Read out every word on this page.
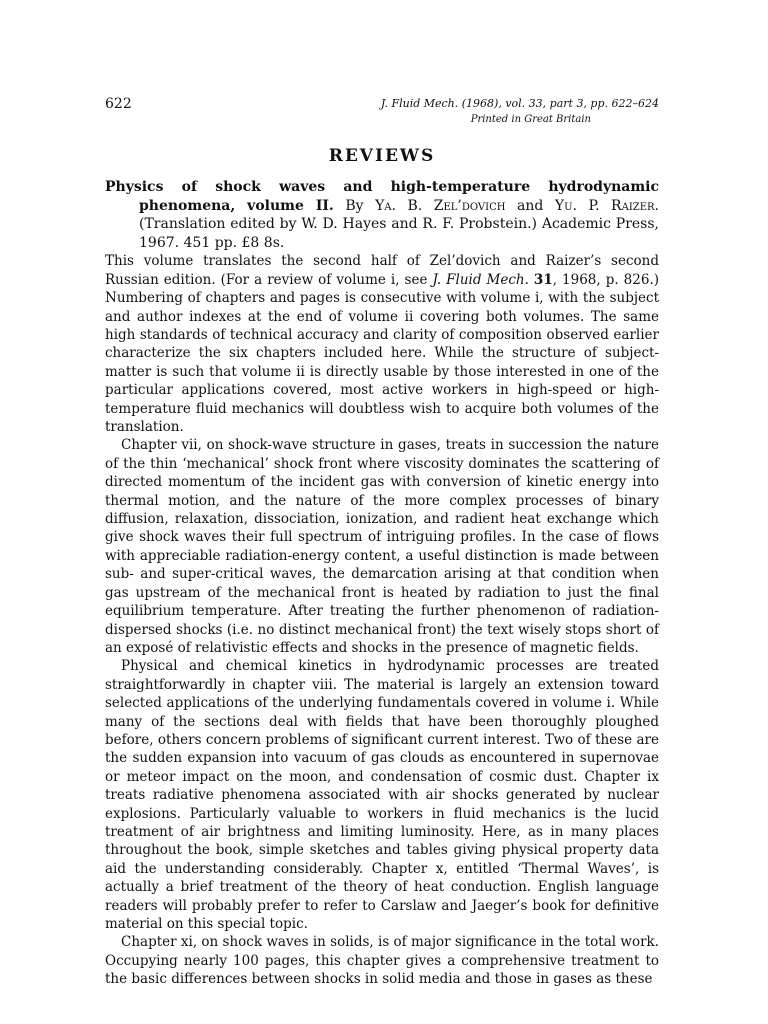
622	J. Fluid Mech. (1968), vol. 33, part 3, pp. 622–624
Printed in Great Britain
REVIEWS

Physics of shock waves and high-temperature hydrodynamic phenomena, volume II. By Ya. B. Zel’dovich and Yu. P. Raizer. (Translation edited by W. D. Hayes and R. F. Probstein.) Academic Press, 1967. 451 pp. £8 8s.

This volume translates the second half of Zel’dovich and Raizer’s second Russian edition. (For a review of volume i, see J. Fluid Mech. 31, 1968, p. 826.) Numbering of chapters and pages is consecutive with volume i, with the subject and author indexes at the end of volume ii covering both volumes. The same high standards of technical accuracy and clarity of composition observed earlier characterize the six chapters included here. While the structure of subject-matter is such that volume ii is directly usable by those interested in one of the particular applications covered, most active workers in high-speed or high-temperature fluid mechanics will doubtless wish to acquire both volumes of the translation.

Chapter vii, on shock-wave structure in gases, treats in succession the nature of the thin ‘mechanical’ shock front where viscosity dominates the scattering of directed momentum of the incident gas with conversion of kinetic energy into thermal motion, and the nature of the more complex processes of binary diffusion, relaxation, dissociation, ionization, and radient heat exchange which give shock waves their full spectrum of intriguing profiles. In the case of flows with appreciable radiation-energy content, a useful distinction is made between sub- and super-critical waves, the demarcation arising at that condition when gas upstream of the mechanical front is heated by radiation to just the final equilibrium temperature. After treating the further phenomenon of radiation-dispersed shocks (i.e. no distinct mechanical front) the text wisely stops short of an exposé of relativistic effects and shocks in the presence of magnetic fields.

Physical and chemical kinetics in hydrodynamic processes are treated straightforwardly in chapter viii. The material is largely an extension toward selected applications of the underlying fundamentals covered in volume i. While many of the sections deal with fields that have been thoroughly ploughed before, others concern problems of significant current interest. Two of these are the sudden expansion into vacuum of gas clouds as encountered in supernovae or meteor impact on the moon, and condensation of cosmic dust. Chapter ix treats radiative phenomena associated with air shocks generated by nuclear explosions. Particularly valuable to workers in fluid mechanics is the lucid treatment of air brightness and limiting luminosity. Here, as in many places throughout the book, simple sketches and tables giving physical property data aid the understanding considerably. Chapter x, entitled ‘Thermal Waves’, is actually a brief treatment of the theory of heat conduction. English language readers will probably prefer to refer to Carslaw and Jaeger’s book for definitive material on this special topic.

Chapter xi, on shock waves in solids, is of major significance in the total work. Occupying nearly 100 pages, this chapter gives a comprehensive treatment to the basic differences between shocks in solid media and those in gases as these
